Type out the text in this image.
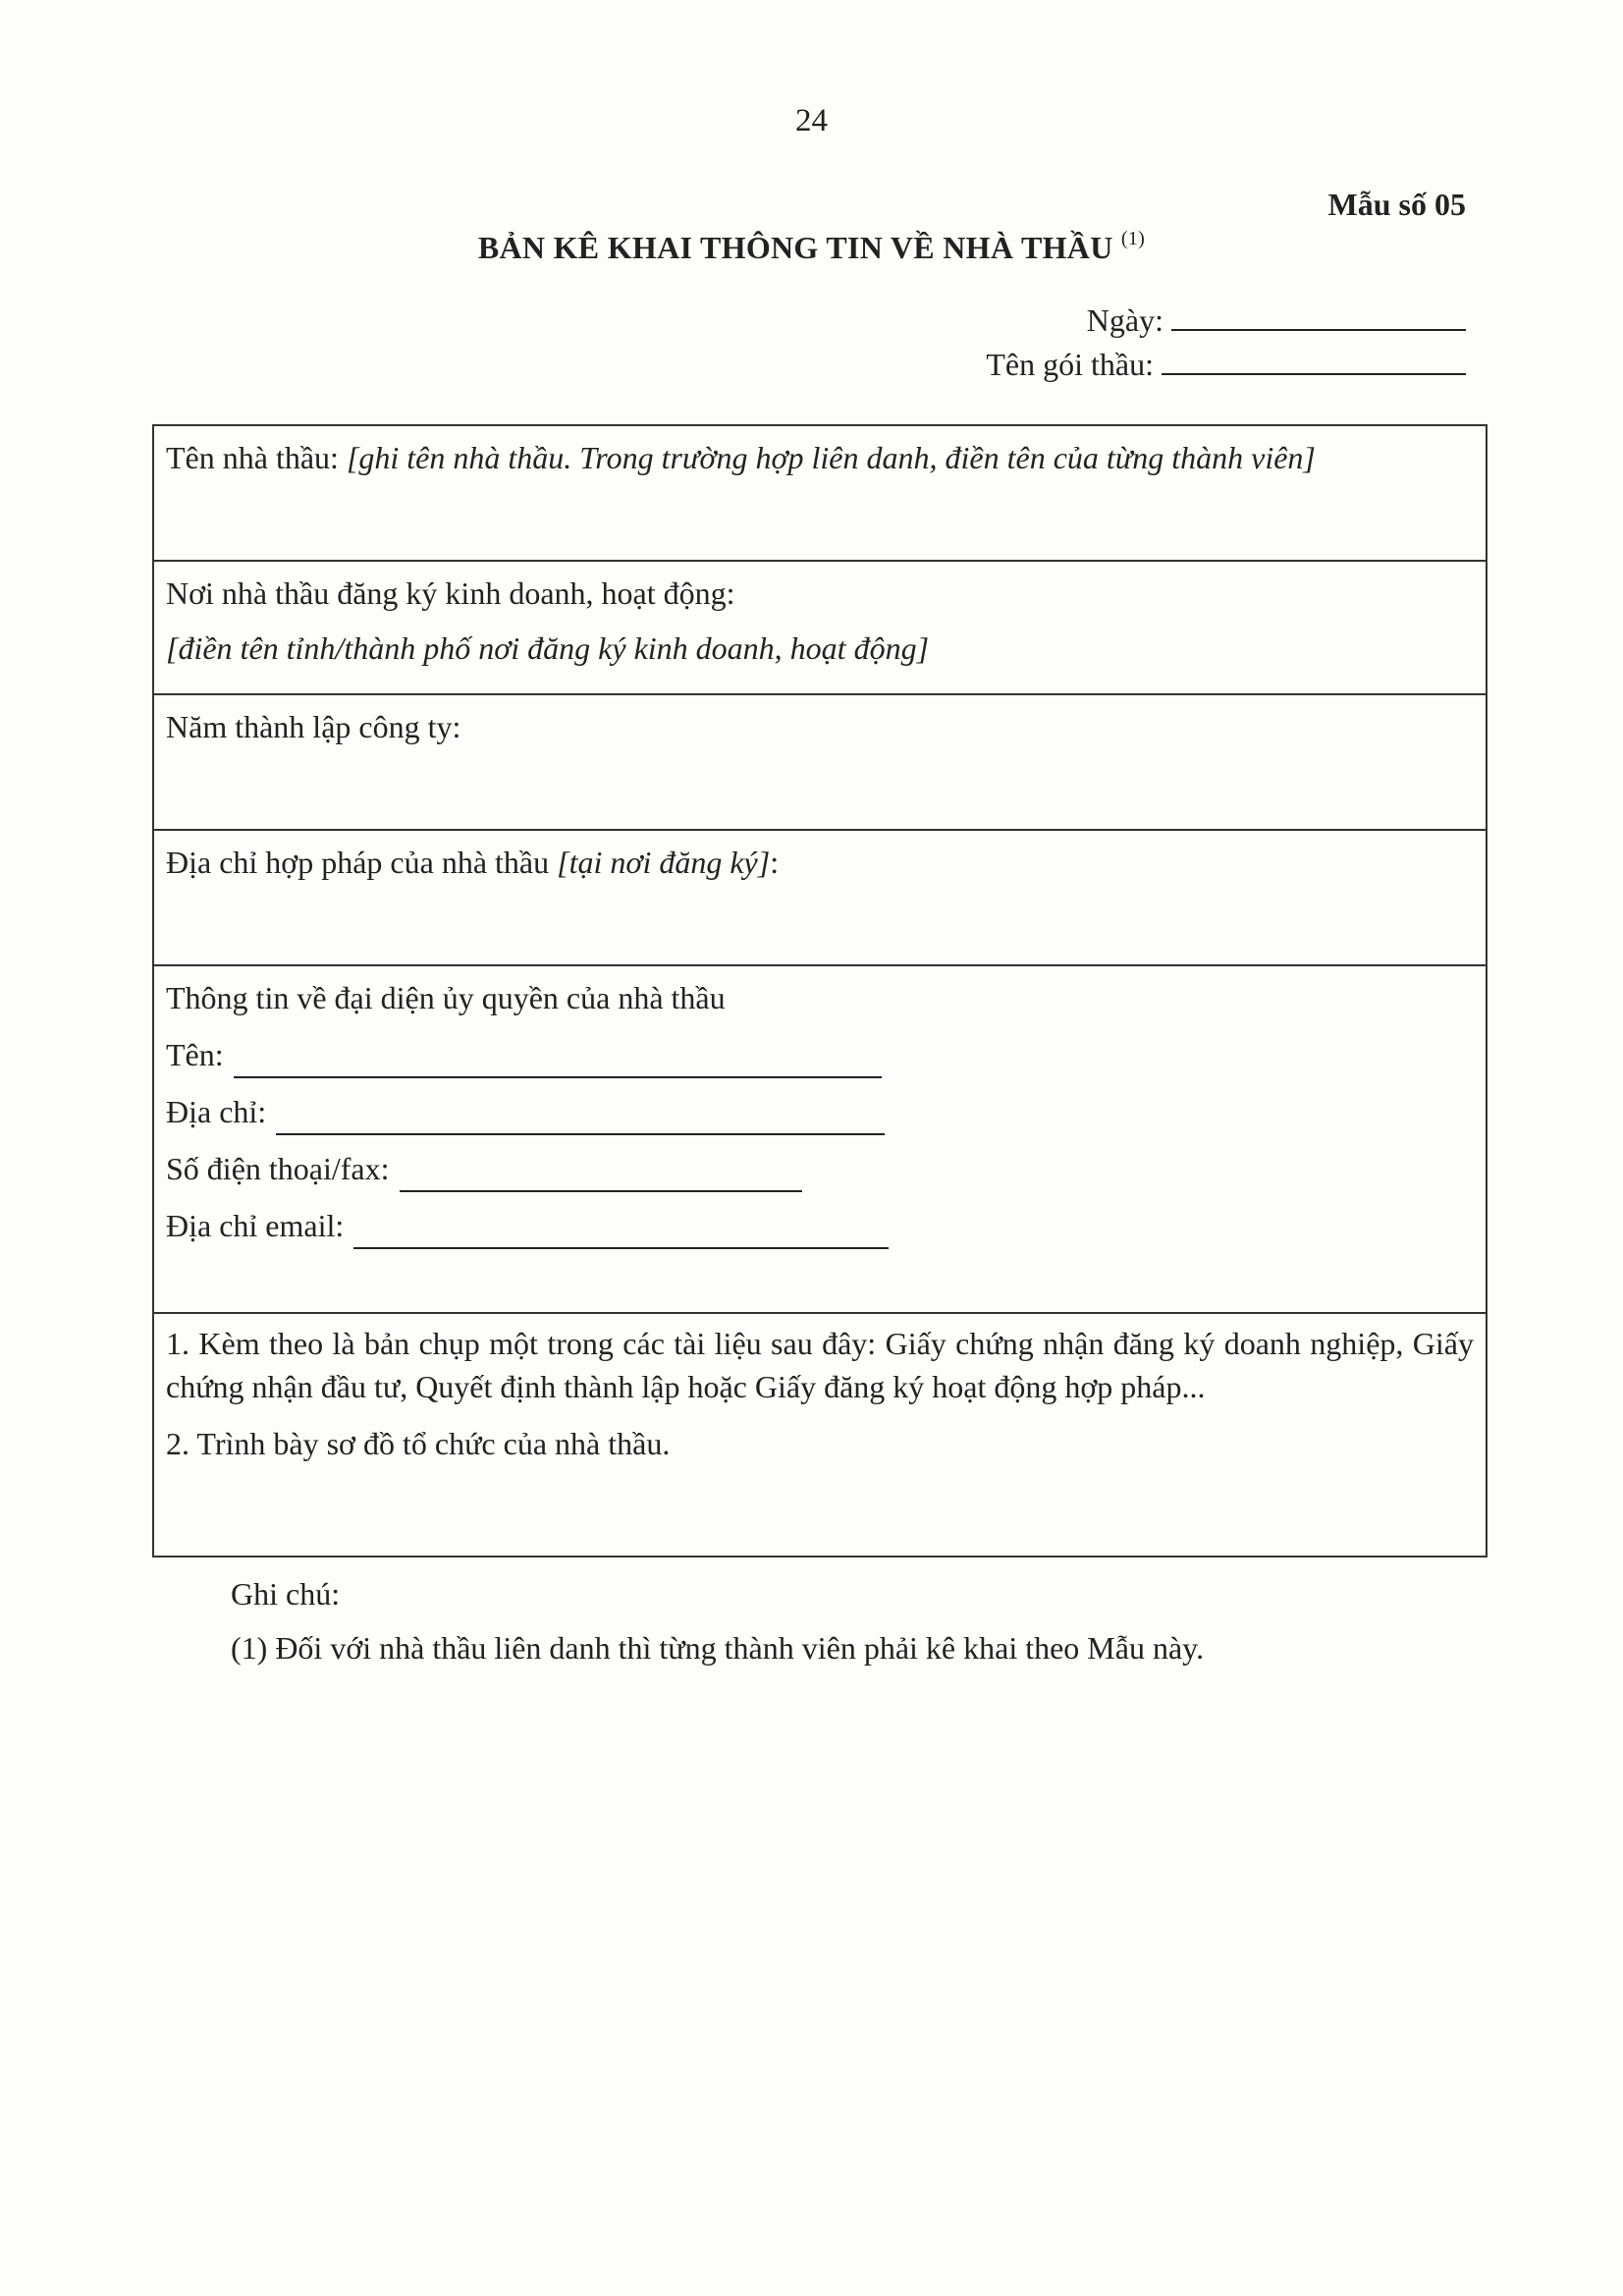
24
Mẫu số 05
BẢN KÊ KHAI THÔNG TIN VỀ NHÀ THẦU $^{(1)}$
Ngày:
Tên gói thầu:
Tên nhà thầu: [ghi tên nhà thầu. Trong trường hợp liên danh, điền tên của từng thành viên]

Nơi nhà thầu đăng ký kinh doanh, hoạt động:
[điền tên tỉnh/thành phố nơi đăng ký kinh doanh, hoạt động]

Năm thành lập công ty:
Địa chỉ hợp pháp của nhà thầu [tại nơi đăng ký]:

Thông tin về đại diện ủy quyền của nhà thầu
Tên:
Địa chỉ:
Số điện thoại/fax:
Địa chỉ email:

1. Kèm theo là bản chụp một trong các tài liệu sau đây: Giấy chứng nhận đăng ký doanh nghiệp, Giấy chứng nhận đầu tư, Quyết định thành lập hoặc Giấy đăng ký hoạt động hợp pháp...
2. Trình bày sơ đồ tổ chức của nhà thầu.
Ghi chú:
(1) Đối với nhà thầu liên danh thì từng thành viên phải kê khai theo Mẫu này.
